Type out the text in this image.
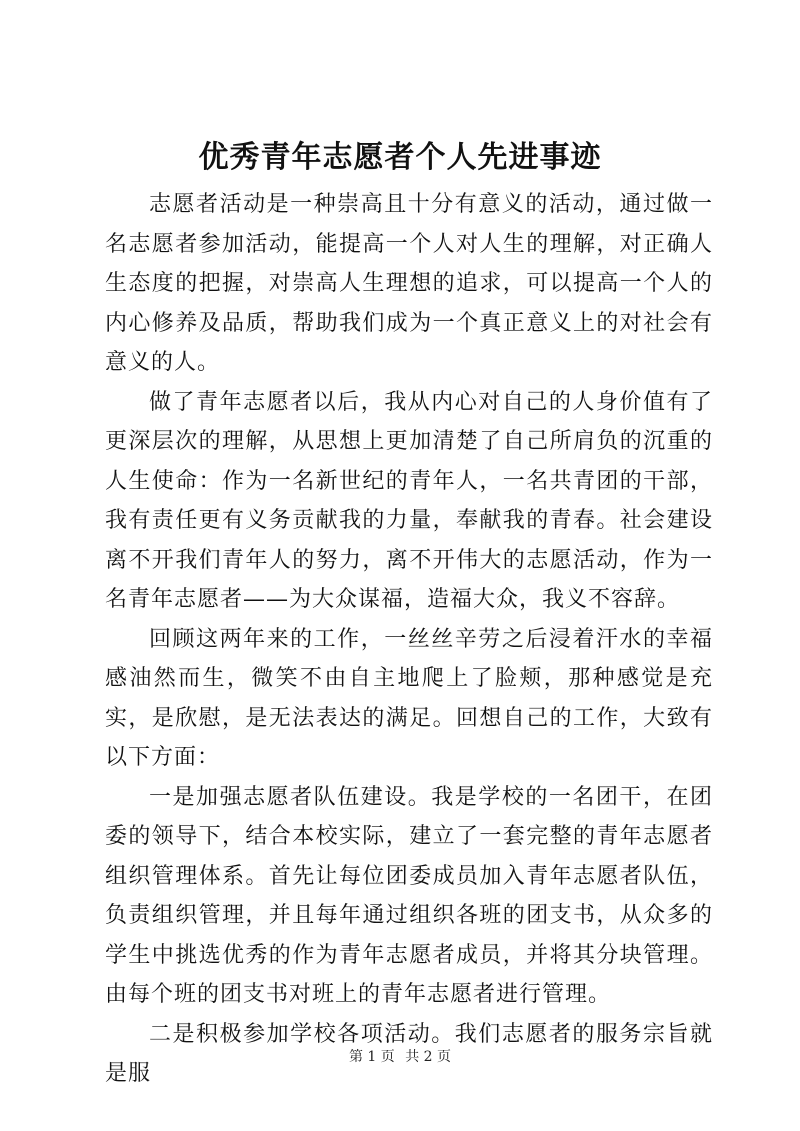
优秀青年志愿者个人先进事迹

志愿者活动是一种崇高且十分有意义的活动，通过做一名志愿者参加活动，能提高一个人对人生的理解，对正确人生态度的把握，对崇高人生理想的追求，可以提高一个人的内心修养及品质，帮助我们成为一个真正意义上的对社会有意义的人。

做了青年志愿者以后，我从内心对自己的人身价值有了更深层次的理解，从思想上更加清楚了自己所肩负的沉重的人生使命：作为一名新世纪的青年人，一名共青团的干部，我有责任更有义务贡献我的力量，奉献我的青春。社会建设离不开我们青年人的努力，离不开伟大的志愿活动，作为一名青年志愿者——为大众谋福，造福大众，我义不容辞。

回顾这两年来的工作，一丝丝辛劳之后浸着汗水的幸福感油然而生，微笑不由自主地爬上了脸颊，那种感觉是充实，是欣慰，是无法表达的满足。回想自己的工作，大致有以下方面：

一是加强志愿者队伍建设。我是学校的一名团干，在团委的领导下，结合本校实际，建立了一套完整的青年志愿者组织管理体系。首先让每位团委成员加入青年志愿者队伍，负责组织管理，并且每年通过组织各班的团支书，从众多的学生中挑选优秀的作为青年志愿者成员，并将其分块管理。由每个班的团支书对班上的青年志愿者进行管理。

二是积极参加学校各项活动。我们志愿者的服务宗旨就是服

第 1 页 共 2 页
